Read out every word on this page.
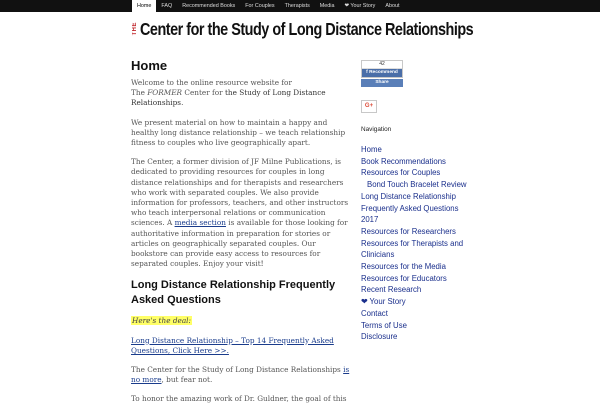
Home	FAQ	Recommended Books	For Couples	Therapists	Media	❤ Your Story	About
THE Center for the Study of Long Distance Relationships
Home

Welcome to the online resource website for
The FORMER Center for the Study of Long Distance Relationships.

We present material on how to maintain a happy and healthy long distance relationship – we teach relationship fitness to couples who live geographically apart.

The Center, a former division of JF Milne Publications, is dedicated to providing resources for couples in long distance relationships and for therapists and researchers who work with separated couples. We also provide information for professors, teachers, and other instructors who teach interpersonal relations or communication sciences. A media section is available for those looking for authoritative information in preparation for stories or articles on geographically separated couples. Our bookstore can provide easy access to resources for separated couples. Enjoy your visit!

Long Distance Relationship Frequently Asked Questions

Here's the deal:

Long Distance Relationship – Top 14 Frequently Asked Questions, Click Here >>.

The Center for the Study of Long Distance Relationships is no more, but fear not.

To honor the amazing work of Dr. Guldner, the goal of this

42
f Recommend
Share
G+
Navigation
Home
Book Recommendations
Resources for Couples
Bond Touch Bracelet Review
Long Distance Relationship
Frequently Asked Questions
2017
Resources for Researchers
Resources for Therapists and
Clinicians
Resources for the Media
Resources for Educators
Recent Research
❤ Your Story
Contact
Terms of Use
Disclosure
